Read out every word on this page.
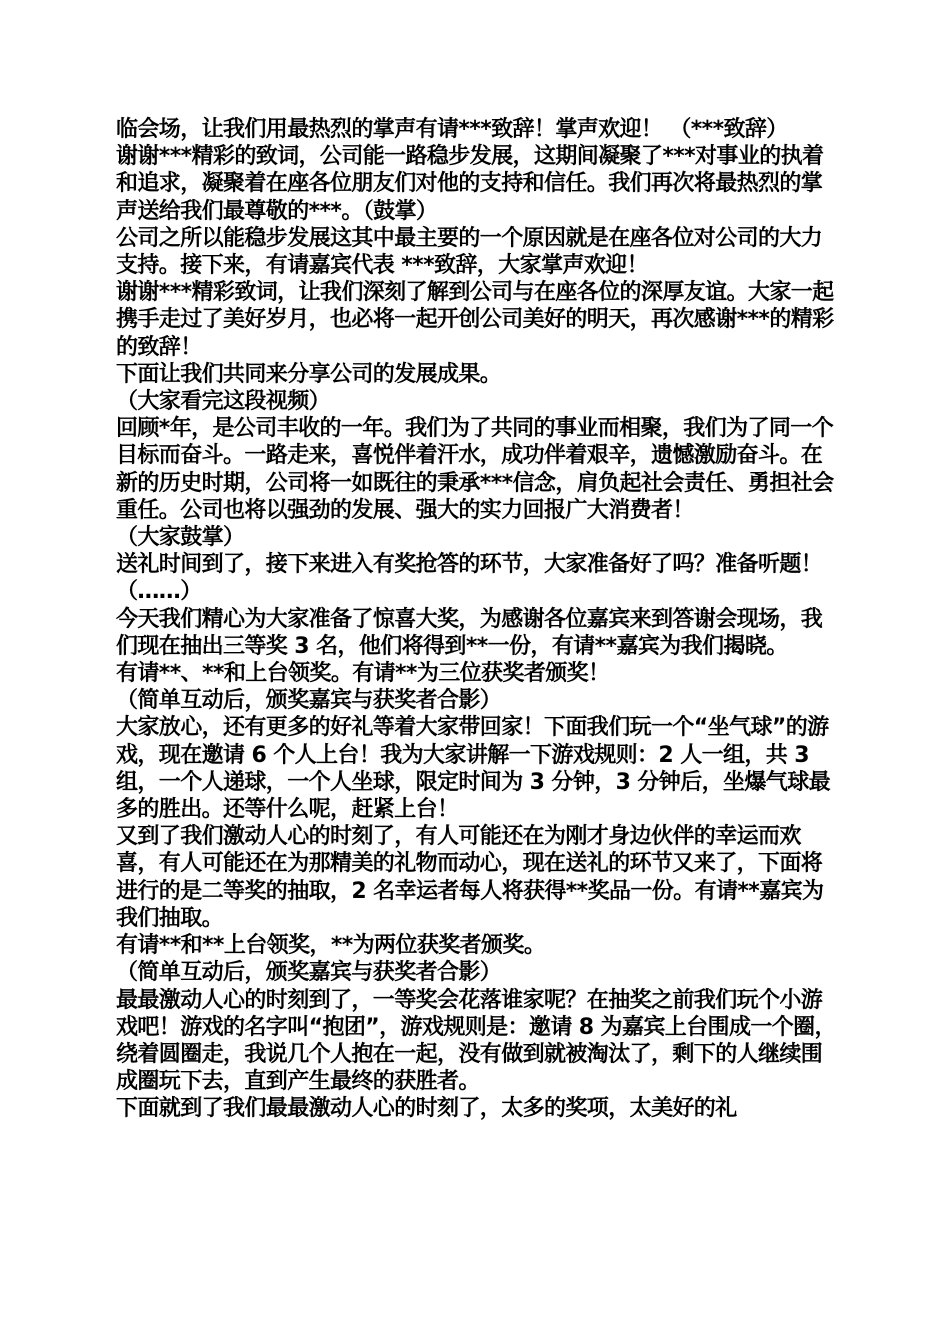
临会场，让我们用最热烈的掌声有请***致辞！掌声欢迎！ （***致辞）

谢谢***精彩的致词，公司能一路稳步发展，这期间凝聚了***对事业的执着和追求，凝聚着在座各位朋友们对他的支持和信任。我们再次将最热烈的掌声送给我们最尊敬的***。（鼓掌）

公司之所以能稳步发展这其中最主要的一个原因就是在座各位对公司的大力支持。接下来，有请嘉宾代表 ***致辞，大家掌声欢迎！

谢谢***精彩致词，让我们深刻了解到公司与在座各位的深厚友谊。大家一起携手走过了美好岁月，也必将一起开创公司美好的明天，再次感谢***的精彩的致辞！

下面让我们共同来分享公司的发展成果。

（大家看完这段视频）

回顾*年，是公司丰收的一年。我们为了共同的事业而相聚，我们为了同一个目标而奋斗。一路走来，喜悦伴着汗水，成功伴着艰辛，遗憾激励奋斗。在新的历史时期，公司将一如既往的秉承***信念，肩负起社会责任、勇担社会重任。公司也将以强劲的发展、强大的实力回报广大消费者！

（大家鼓掌）

送礼时间到了，接下来进入有奖抢答的环节，大家准备好了吗？准备听题！ （……）

今天我们精心为大家准备了惊喜大奖，为感谢各位嘉宾来到答谢会现场，我们现在抽出三等奖 3 名，他们将得到**一份，有请**嘉宾为我们揭晓。

有请**、**和上台领奖。有请**为三位获奖者颁奖！

（简单互动后，颁奖嘉宾与获奖者合影）

大家放心，还有更多的好礼等着大家带回家！下面我们玩一个“坐气球”的游戏，现在邀请 6 个人上台！我为大家讲解一下游戏规则：2 人一组，共 3 组，一个人递球，一个人坐球，限定时间为 3 分钟，3 分钟后，坐爆气球最多的胜出。还等什么呢，赶紧上台！

又到了我们激动人心的时刻了，有人可能还在为刚才身边伙伴的幸运而欢喜，有人可能还在为那精美的礼物而动心，现在送礼的环节又来了，下面将进行的是二等奖的抽取，2 名幸运者每人将获得**奖品一份。有请**嘉宾为我们抽取。

有请**和**上台领奖，**为两位获奖者颁奖。

（简单互动后，颁奖嘉宾与获奖者合影）

最最激动人心的时刻到了，一等奖会花落谁家呢？在抽奖之前我们玩个小游戏吧！游戏的名字叫“抱团”，游戏规则是：邀请 8 为嘉宾上台围成一个圈，绕着圆圈走，我说几个人抱在一起，没有做到就被淘汰了，剩下的人继续围成圈玩下去，直到产生最终的获胜者。

下面就到了我们最最激动人心的时刻了，太多的奖项，太美好的礼
